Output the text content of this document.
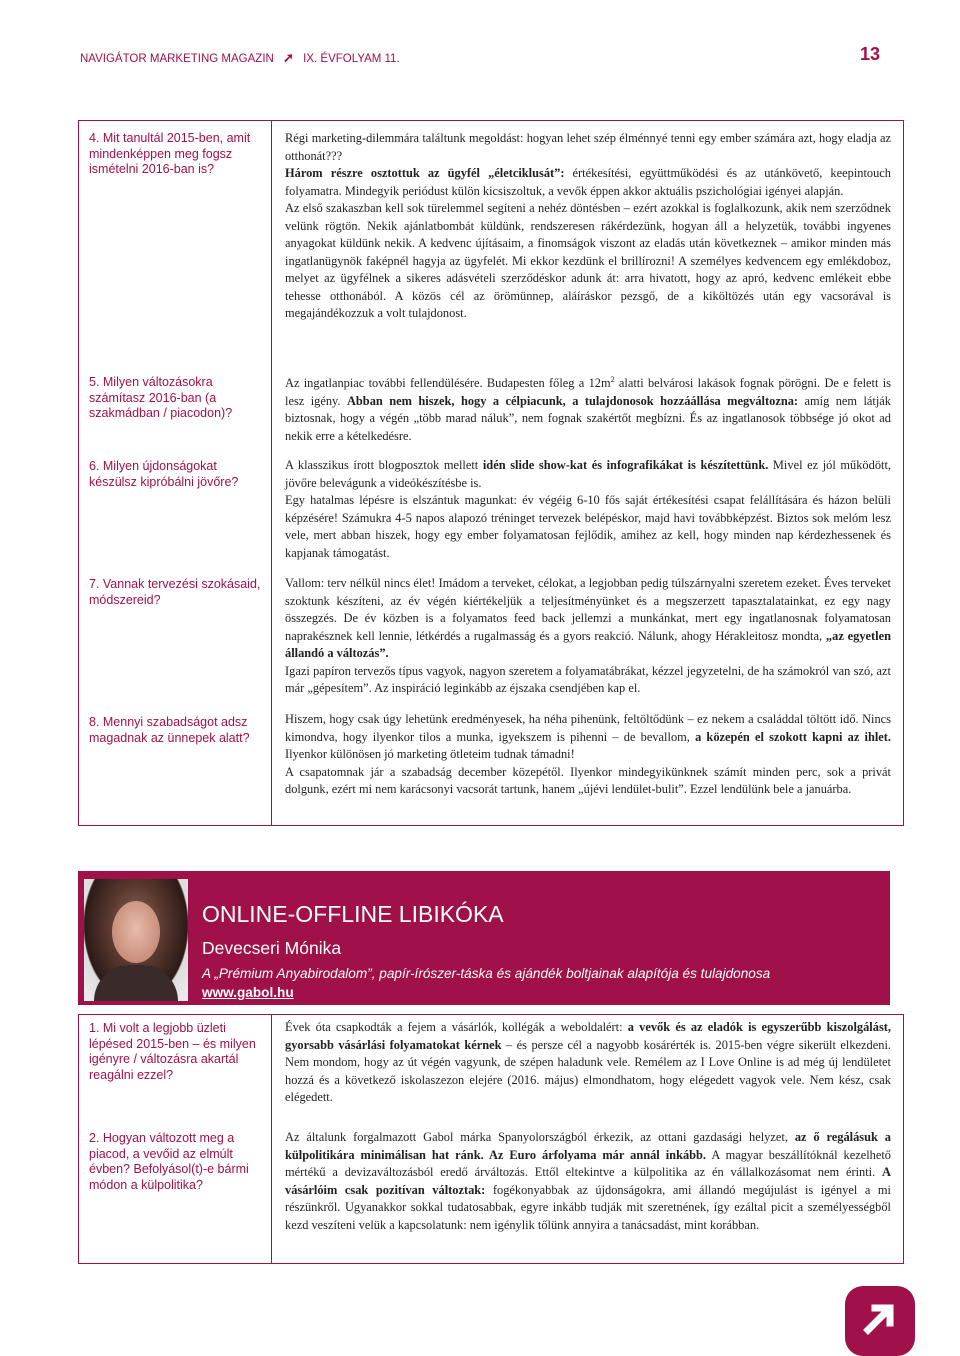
NAVIGÁTOR MARKETING MAGAZIN ➚ IX. ÉVFOLYAM 11.	13
4. Mit tanultál 2015-ben, amit mindenképpen meg fogsz ismételni 2016-ban is?
5. Milyen változásokra számítasz 2016-ban (a szakmádban / piacodon)?
6. Milyen újdonságokat készülsz kipróbálni jövőre?
7. Vannak tervezési szokásaid, módszereid?
8. Mennyi szabadságot adsz magadnak az ünnepek alatt?

Régi marketing-dilemmára találtunk megoldást: hogyan lehet szép élménnyé tenni egy ember számára azt, hogy eladja az otthonát???

Három részre osztottuk az ügyfél „életciklusát”: értékesítési, együttműködési és az utánkövető, keepintouch folyamatra. Mindegyik periódust külön kicsiszoltuk, a vevők éppen akkor aktuális pszichológiai igényei alapján.

Az első szakaszban kell sok türelemmel segíteni a nehéz döntésben – ezért azokkal is foglalkozunk, akik nem szerződnek velünk rögtön. Nekik ajánlatbombát küldünk, rendszeresen rákérdezünk, hogyan áll a helyzetük, további ingyenes anyagokat küldünk nekik. A kedvenc újításaim, a finomságok viszont az eladás után következnek – amikor minden más ingatlanügynök faképnél hagyja az ügyfelét. Mi ekkor kezdünk el brillírozni! A személyes kedvencem egy emlékdoboz, melyet az ügyfélnek a sikeres adásvételi szerződéskor adunk át: arra hivatott, hogy az apró, kedvenc emlékeit ebbe tehesse otthonából. A közös cél az örömünnep, aláíráskor pezsgő, de a kiköltözés után egy vacsorával is megajándékozzuk a volt tulajdonost.

Az ingatlanpiac további fellendülésére. Budapesten főleg a $12m^2$ alatti belvárosi lakások fognak pörögni. De e felett is lesz igény. Abban nem hiszek, hogy a célpiacunk, a tulajdonosok hozzáállása megváltozna: amíg nem látják biztosnak, hogy a végén „több marad náluk”, nem fognak szakértőt megbízni. És az ingatlanosok többsége jó okot ad nekik erre a kételkedésre.

A klasszikus írott blogposztok mellett idén slide show-kat és infografikákat is készítettünk. Mivel ez jól működött, jövőre belevágunk a videókészítésbe is.

Egy hatalmas lépésre is elszántuk magunkat: év végéig 6-10 fős saját értékesítési csapat felállítására és házon belüli képzésére! Számukra 4-5 napos alapozó tréninget tervezek belépéskor, majd havi továbbképzést. Biztos sok melóm lesz vele, mert abban hiszek, hogy egy ember folyamatosan fejlődik, amihez az kell, hogy minden nap kérdezhessenek és kapjanak támogatást.

Vallom: terv nélkül nincs élet! Imádom a terveket, célokat, a legjobban pedig túlszárnyalni szeretem ezeket. Éves terveket szoktunk készíteni, az év végén kiértékeljük a teljesítményünket és a megszerzett tapasztalatainkat, ez egy nagy összegzés. De év közben is a folyamatos feed back jellemzi a munkánkat, mert egy ingatlanosnak folyamatosan naprakésznek kell lennie, létkérdés a rugalmasság és a gyors reakció. Nálunk, ahogy Hérakleitosz mondta, „az egyetlen állandó a változás”.

Igazi papíron tervezős típus vagyok, nagyon szeretem a folyamatábrákat, kézzel jegyzetelni, de ha számokról van szó, azt már „gépesítem”. Az inspiráció leginkább az éjszaka csendjében kap el.

Hiszem, hogy csak úgy lehetünk eredményesek, ha néha pihenünk, feltöltődünk – ez nekem a családdal töltött idő. Nincs kimondva, hogy ilyenkor tilos a munka, igyekszem is pihenni – de bevallom, a közepén el szokott kapni az ihlet. Ilyenkor különösen jó marketing ötleteim tudnak támadni!

A csapatomnak jár a szabadság december közepétől. Ilyenkor mindegyikünknek számít minden perc, sok a privát dolgunk, ezért mi nem karácsonyi vacsorát tartunk, hanem „újévi lendület-bulit”. Ezzel lendülünk bele a januárba.

ONLINE-OFFLINE LIBIKÓKA
Devecseri Mónika
A „Prémium Anyabirodalom”, papír-írószer-táska és ajándék boltjainak alapítója és tulajdonosa
www.gabol.hu
1. Mi volt a legjobb üzleti lépésed 2015-ben – és milyen igényre / változásra akartál reagálni ezzel?
2. Hogyan változott meg a piacod, a vevőid az elmúlt évben? Befolyásol(t)-e bármi módon a külpolitika?

Évek óta csapkodták a fejem a vásárlók, kollégák a weboldalért: a vevők és az eladók is egyszerűbb kiszolgálást, gyorsabb vásárlási folyamatokat kérnek – és persze cél a nagyobb kosárérték is. 2015-ben végre sikerült elkezdeni. Nem mondom, hogy az út végén vagyunk, de szépen haladunk vele. Remélem az I Love Online is ad még új lendületet hozzá és a következő iskolaszezon elejére (2016. május) elmondhatom, hogy elégedett vagyok vele. Nem kész, csak elégedett.

Az általunk forgalmazott Gabol márka Spanyolországból érkezik, az ottani gazdasági helyzet, az ő regálásuk a külpolitikára minimálisan hat ránk. Az Euro árfolyama már annál inkább. A magyar beszállítóknál kezelhető mértékű a devizaváltozásból eredő árváltozás. Ettől eltekintve a külpolitika az én vállalkozásomat nem érinti. A vásárlóim csak pozitívan változtak: fogékonyabbak az újdonságokra, ami állandó megújulást is igényel a mi részünkről. Ugyanakkor sokkal tudatosabbak, egyre inkább tudják mit szeretnének, így ezáltal picit a személyességből kezd veszíteni velük a kapcsolatunk: nem igénylik tőlünk annyira a tanácsadást, mint korábban.
